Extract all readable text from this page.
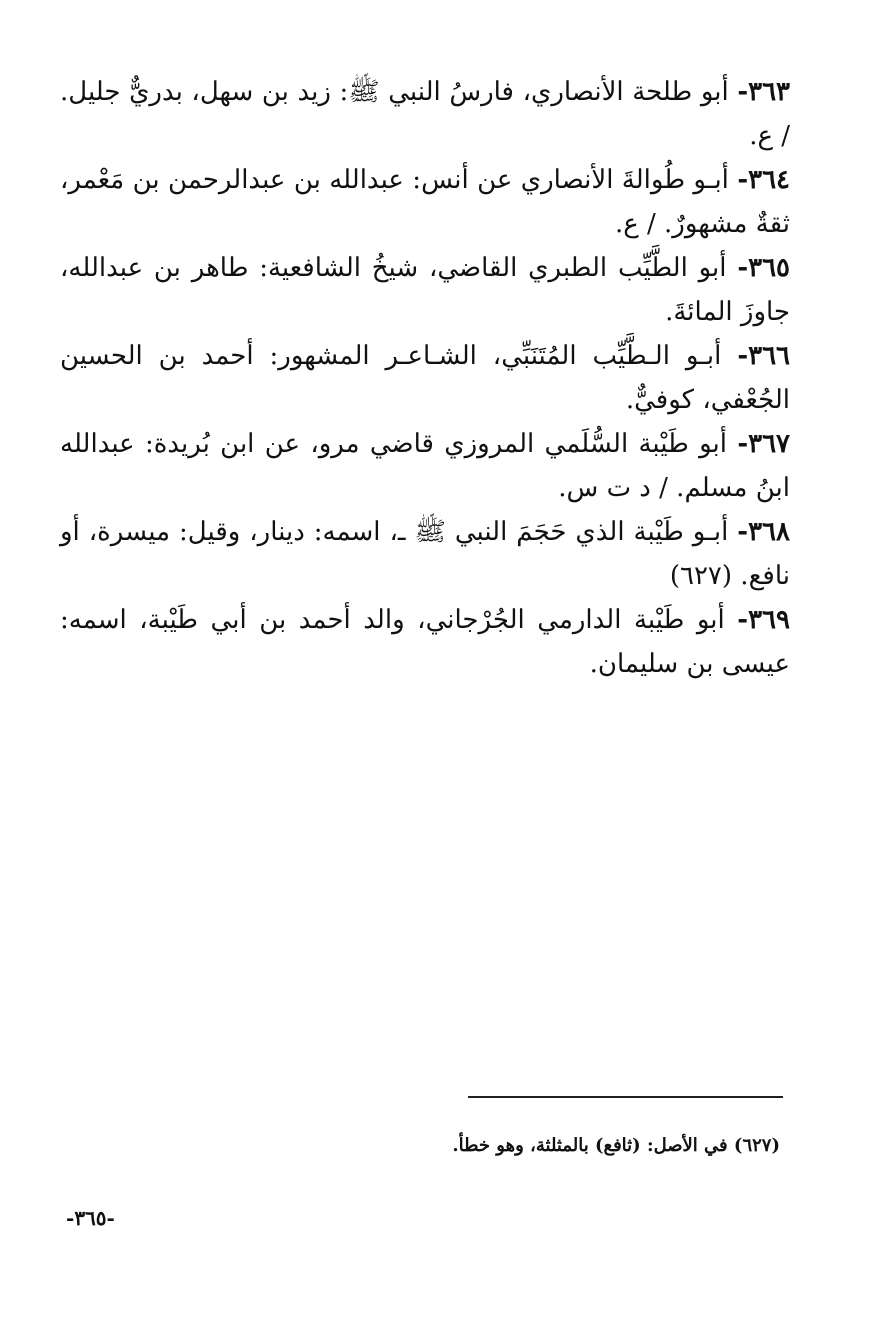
٣٦٣- أبو طلحة الأنصاري، فارسُ النبي ﷺ: زيد بن سهل، بدريٌّ جليل. / ع.

٣٦٤- أبـو طُوالةَ الأنصاري عن أنس: عبدالله بن عبدالرحمن بن مَعْمر، ثقةٌ مشهورٌ. / ع.

٣٦٥- أبو الطَّيِّب الطبري القاضي، شيخُ الشافعية: طاهر بن عبدالله، جاوزَ المائةَ.

٣٦٦- أبـو الـطَّيِّب المُتَنَبِّي، الشـاعـر المشهور: أحمد بن الحسين الجُعْفي، كوفيٌّ.

٣٦٧- أبو طَيْبة السُّلَمي المروزي قاضي مرو، عن ابن بُريدة: عبدالله ابنُ مسلم. / د ت س.

٣٦٨- أبـو طَيْبة الذي حَجَمَ النبي ﷺ ـ، اسمه: دينار، وقيل: ميسرة، أو نافع. (٦٢٧)

٣٦٩- أبو طَيْبة الدارمي الجُرْجاني، والد أحمد بن أبي طَيْبة، اسمه: عيسى بن سليمان.

(٦٢٧) في الأصل: (ثافع) بالمثلثة، وهو خطأ.
-٣٦٥-
